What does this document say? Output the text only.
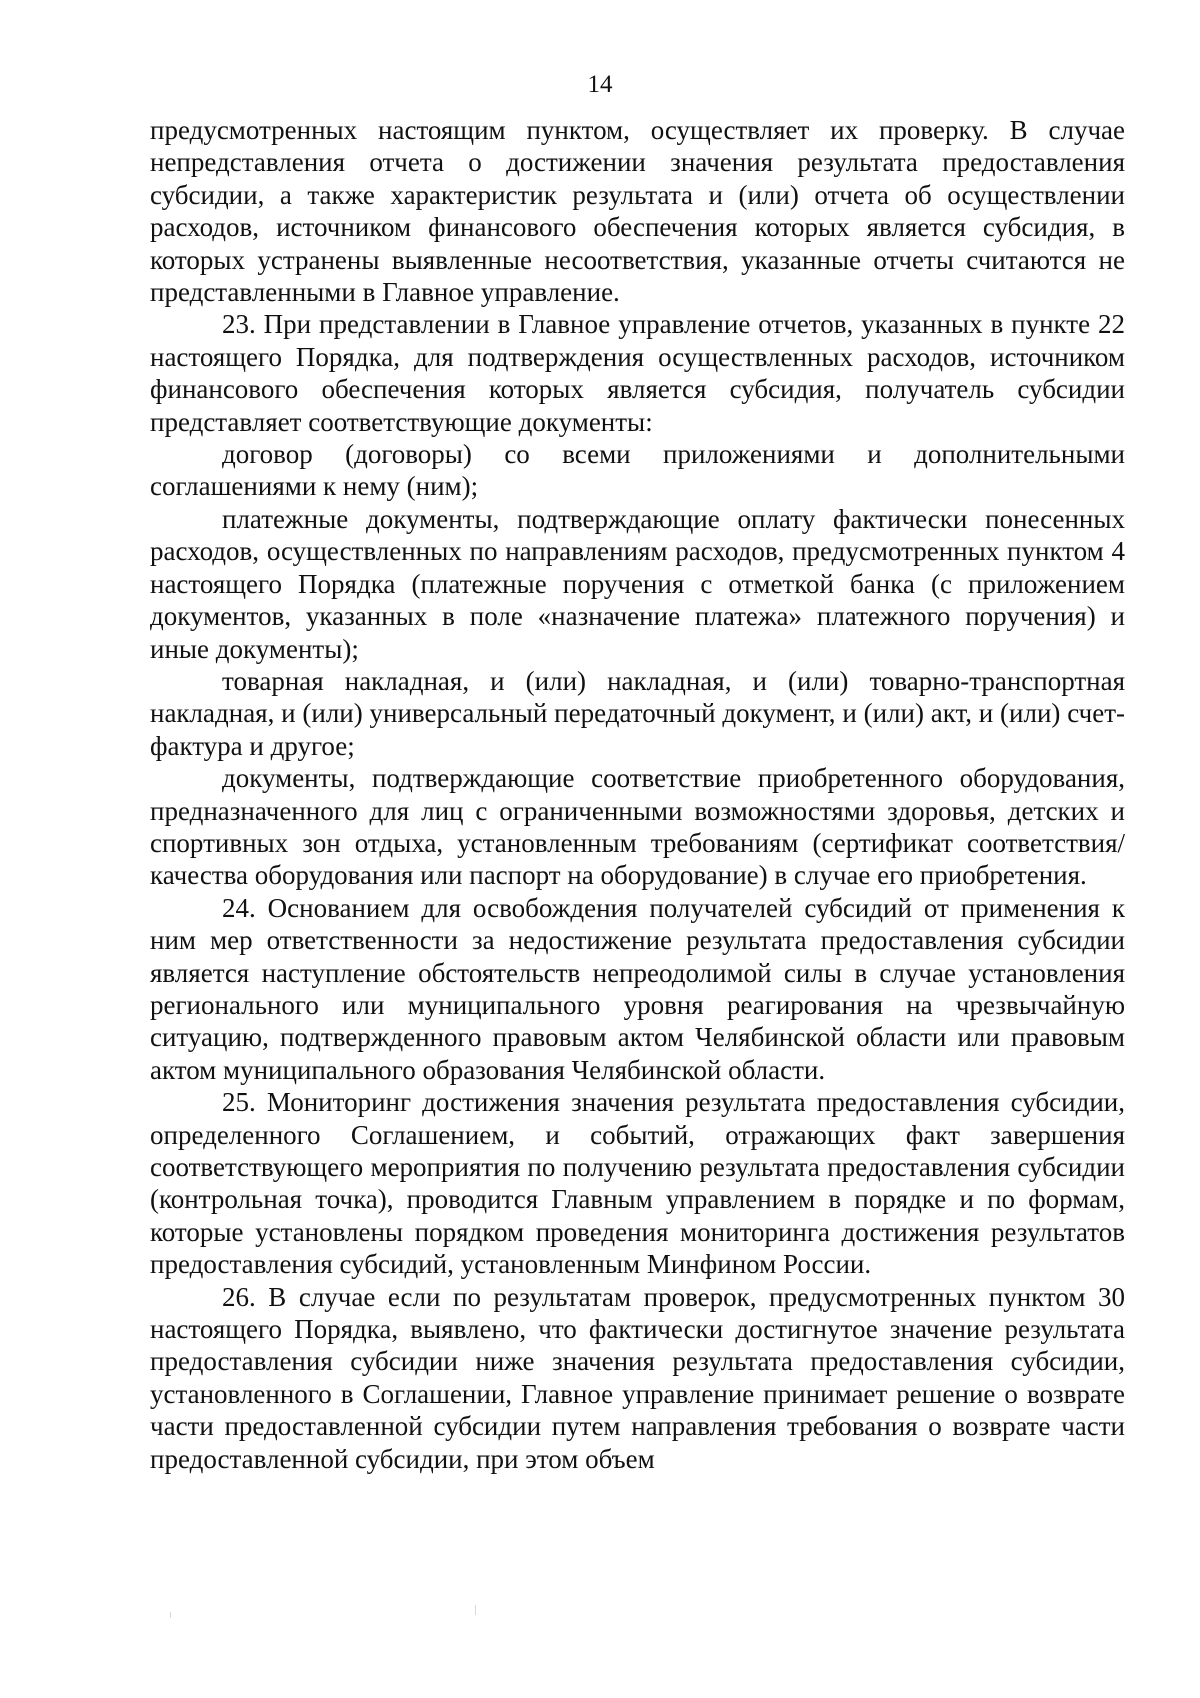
14

предусмотренных настоящим пунктом, осуществляет их проверку. В случае непредставления отчета о достижении значения результата предоставления субсидии, а также характеристик результата и (или) отчета об осуществлении расходов, источником финансового обеспечения которых является субсидия, в которых устранены выявленные несоответствия, указанные отчеты считаются не представленными в Главное управление.

23. При представлении в Главное управление отчетов, указанных в пункте 22 настоящего Порядка, для подтверждения осуществленных расходов, источником финансового обеспечения которых является субсидия, получатель субсидии представляет соответствующие документы:

договор (договоры) со всеми приложениями и дополнительными соглашениями к нему (ним);

платежные документы, подтверждающие оплату фактически понесенных расходов, осуществленных по направлениям расходов, предусмотренных пунктом 4 настоящего Порядка (платежные поручения с отметкой банка (с приложением документов, указанных в поле «назначение платежа» платежного поручения) и иные документы);

товарная накладная, и (или) накладная, и (или) товарно-транспортная накладная, и (или) универсальный передаточный документ, и (или) акт, и (или) счет-фактура и другое;

документы, подтверждающие соответствие приобретенного оборудования, предназначенного для лиц с ограниченными возможностями здоровья, детских и спортивных зон отдыха, установленным требованиям (сертификат соответствия/качества оборудования или паспорт на оборудование) в случае его приобретения.

24. Основанием для освобождения получателей субсидий от применения к ним мер ответственности за недостижение результата предоставления субсидии является наступление обстоятельств непреодолимой силы в случае установления регионального или муниципального уровня реагирования на чрезвычайную ситуацию, подтвержденного правовым актом Челябинской области или правовым актом муниципального образования Челябинской области.

25. Мониторинг достижения значения результата предоставления субсидии, определенного Соглашением, и событий, отражающих факт завершения соответствующего мероприятия по получению результата предоставления субсидии (контрольная точка), проводится Главным управлением в порядке и по формам, которые установлены порядком проведения мониторинга достижения результатов предоставления субсидий, установленным Минфином России.

26. В случае если по результатам проверок, предусмотренных пунктом 30 настоящего Порядка, выявлено, что фактически достигнутое значение результата предоставления субсидии ниже значения результата предоставления субсидии, установленного в Соглашении, Главное управление принимает решение о возврате части предоставленной субсидии путем направления требования о возврате части предоставленной субсидии, при этом объем
